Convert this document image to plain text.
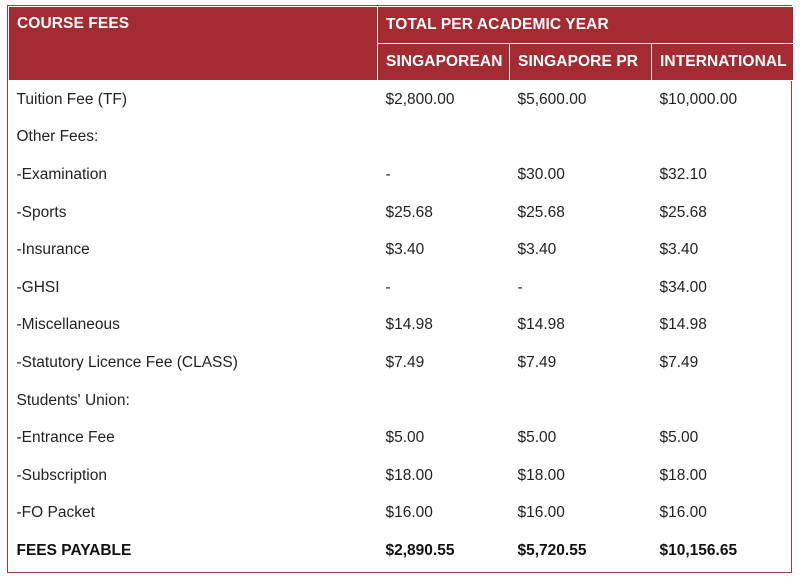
COURSE FEES	TOTAL PER ACADEMIC YEAR		
	SINGAPOREAN	SINGAPORE PR	INTERNATIONAL
Tuition Fee (TF)	$2,800.00	$5,600.00	$10,000.00
Other Fees:			
-Examination	-	$30.00	$32.10
-Sports	$25.68	$25.68	$25.68
-Insurance	$3.40	$3.40	$3.40
-GHSI	-	-	$34.00
-Miscellaneous	$14.98	$14.98	$14.98
-Statutory Licence Fee (CLASS)	$7.49	$7.49	$7.49
Students' Union:			
-Entrance Fee	$5.00	$5.00	$5.00
-Subscription	$18.00	$18.00	$18.00
-FO Packet	$16.00	$16.00	$16.00
FEES PAYABLE	$2,890.55	$5,720.55	$10,156.65
